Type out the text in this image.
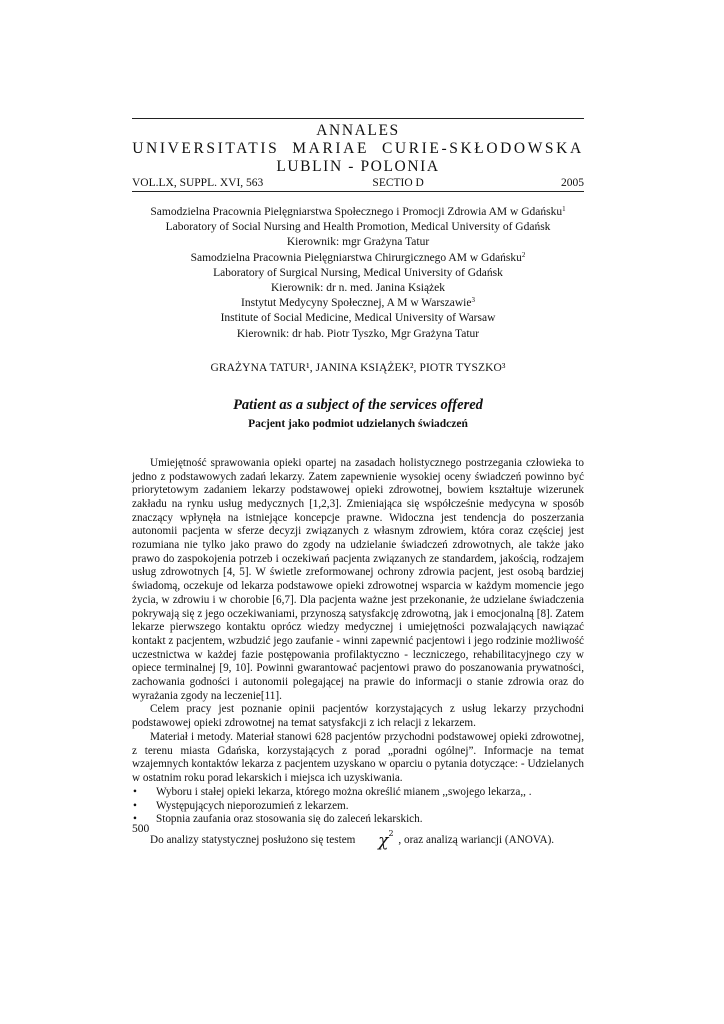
ANNALES
UNIVERSITATIS  MARIAE  CURIE-SKŁODOWSKA
LUBLIN - POLONIA
VOL.LX, SUPPL. XVI, 563	SECTIO D	2005
Samodzielna Pracownia Pielęgniarstwa Społecznego i Promocji Zdrowia AM w Gdańsku$^1$
Laboratory of Social Nursing and Health Promotion, Medical University of Gdańsk
Kierownik: mgr Grażyna Tatur
Samodzielna Pracownia Pielęgniarstwa Chirurgicznego AM w Gdańsku$^2$
Laboratory of Surgical Nursing, Medical University of Gdańsk
Kierownik: dr n. med. Janina Książek
Instytut Medycyny Społecznej, A M w Warszawie$^3$
Institute of Social Medicine, Medical University of Warsaw
Kierownik: dr hab. Piotr Tyszko, Mgr Grażyna Tatur
GRAŻYNA TATUR¹, JANINA KSIĄŻEK², PIOTR TYSZKO³
Patient as a subject of the services offered
Pacjent jako podmiot udzielanych świadczeń

Umiejętność sprawowania opieki opartej na zasadach holistycznego postrzegania człowieka to jedno z podstawowych zadań lekarzy. Zatem zapewnienie wysokiej oceny świadczeń powinno być priorytetowym zadaniem lekarzy podstawowej opieki zdrowotnej, bowiem kształtuje wizerunek zakładu na rynku usług medycznych [1,2,3]. Zmieniająca się współcześnie medycyna w sposób znaczący wpłynęła na istniejące koncepcje prawne. Widoczna jest tendencja do poszerzania autonomii pacjenta w sferze decyzji związanych z własnym zdrowiem, która coraz częściej jest rozumiana nie tylko jako prawo do zgody na udzielanie świadczeń zdrowotnych, ale także jako prawo do zaspokojenia potrzeb i oczekiwań pacjenta związanych ze standardem, jakością, rodzajem usług zdrowotnych [4, 5]. W świetle zreformowanej ochrony zdrowia pacjent, jest osobą bardziej świadomą, oczekuje od lekarza podstawowe opieki zdrowotnej wsparcia w każdym momencie jego życia, w zdrowiu i w chorobie [6,7]. Dla pacjenta ważne jest przekonanie, że udzielane świadczenia pokrywają się z jego oczekiwaniami, przynoszą satysfakcję zdrowotną, jak i emocjonalną [8]. Zatem lekarze pierwszego kontaktu oprócz wiedzy medycznej i umiejętności pozwalających nawiązać kontakt z pacjentem, wzbudzić jego zaufanie - winni zapewnić pacjentowi i jego rodzinie możliwość uczestnictwa w każdej fazie postępowania profilaktyczno - leczniczego, rehabilitacyjnego czy w opiece terminalnej [9, 10]. Powinni gwarantować pacjentowi prawo do poszanowania prywatności, zachowania godności i autonomii polegającej na prawie do informacji o stanie zdrowia oraz do wyrażania zgody na leczenie[11].

Celem pracy jest poznanie opinii pacjentów korzystających z usług lekarzy przychodni podstawowej opieki zdrowotnej na temat satysfakcji z ich relacji z lekarzem.

Materiał i metody. Materiał stanowi 628 pacjentów przychodni podstawowej opieki zdrowotnej, z terenu miasta Gdańska, korzystających z porad „poradni ogólnej”. Informacje na temat wzajemnych kontaktów lekarza z pacjentem uzyskano w oparciu o pytania dotyczące: - Udzielanych w ostatnim roku porad lekarskich i miejsca ich uzyskiwania.

• Wyboru i stałej opieki lekarza, którego można określić mianem ,,swojego lekarza,, .
• Występujących nieporozumień z lekarzem.
• Stopnia zaufania oraz stosowania się do zaleceń lekarskich.
Do analizy statystycznej posłużono się testem $\chi^2$ , oraz analizą wariancji (ANOVA).
500
